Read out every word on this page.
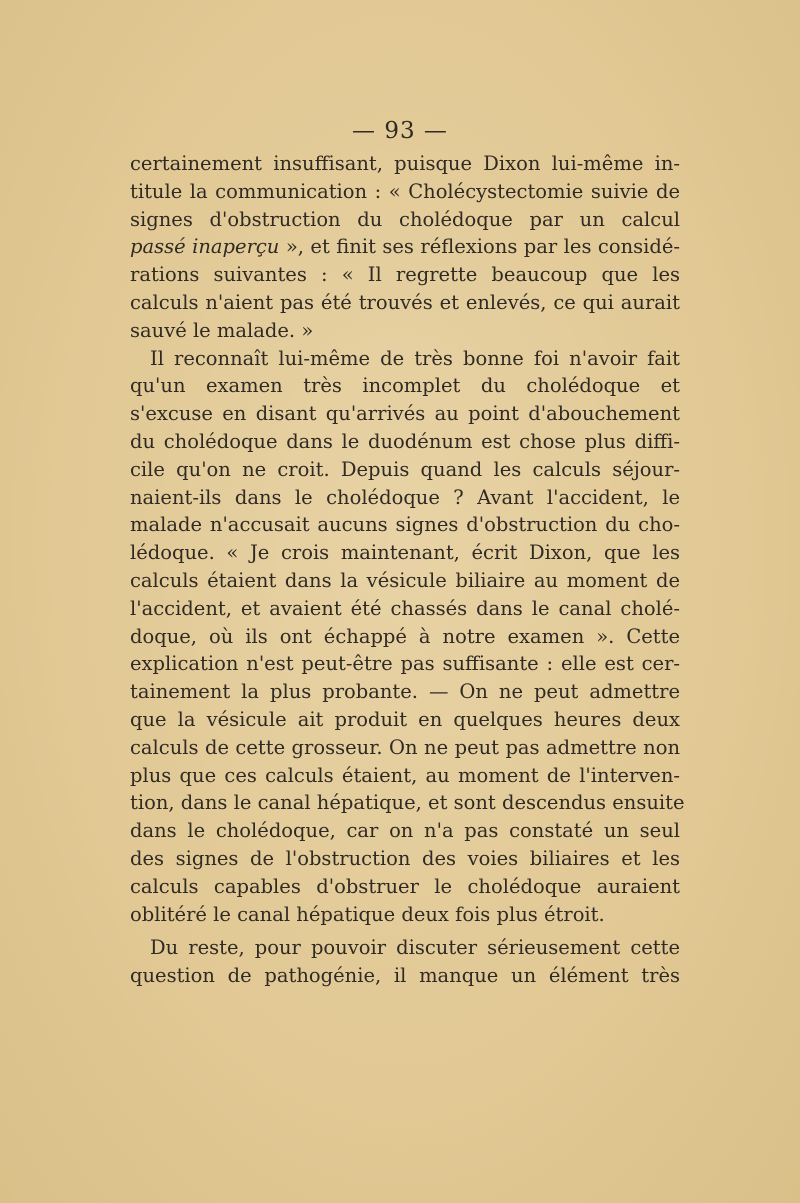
— 93 —
certainement insuffisant, puisque Dixon lui-même in-
titule la communication : « Cholécystectomie suivie de
signes d'obstruction du cholédoque par un calcul
passé inaperçu », et finit ses réflexions par les considé-
rations suivantes : « Il regrette beaucoup que les
calculs n'aient pas été trouvés et enlevés, ce qui aurait
sauvé le malade. »
Il reconnaît lui-même de très bonne foi n'avoir fait
qu'un examen très incomplet du cholédoque et
s'excuse en disant qu'arrivés au point d'abouchement
du cholédoque dans le duodénum est chose plus diffi-
cile qu'on ne croit. Depuis quand les calculs séjour-
naient-ils dans le cholédoque ? Avant l'accident, le
malade n'accusait aucuns signes d'obstruction du cho-
lédoque. « Je crois maintenant, écrit Dixon, que les
calculs étaient dans la vésicule biliaire au moment de
l'accident, et avaient été chassés dans le canal cholé-
doque, où ils ont échappé à notre examen ». Cette
explication n'est peut-être pas suffisante : elle est cer-
tainement la plus probante. — On ne peut admettre
que la vésicule ait produit en quelques heures deux
calculs de cette grosseur. On ne peut pas admettre non
plus que ces calculs étaient, au moment de l'interven-
tion, dans le canal hépatique, et sont descendus ensuite
dans le cholédoque, car on n'a pas constaté un seul
des signes de l'obstruction des voies biliaires et les
calculs capables d'obstruer le cholédoque auraient
oblitéré le canal hépatique deux fois plus étroit.
Du reste, pour pouvoir discuter sérieusement cette
question de pathogénie, il manque un élément très
